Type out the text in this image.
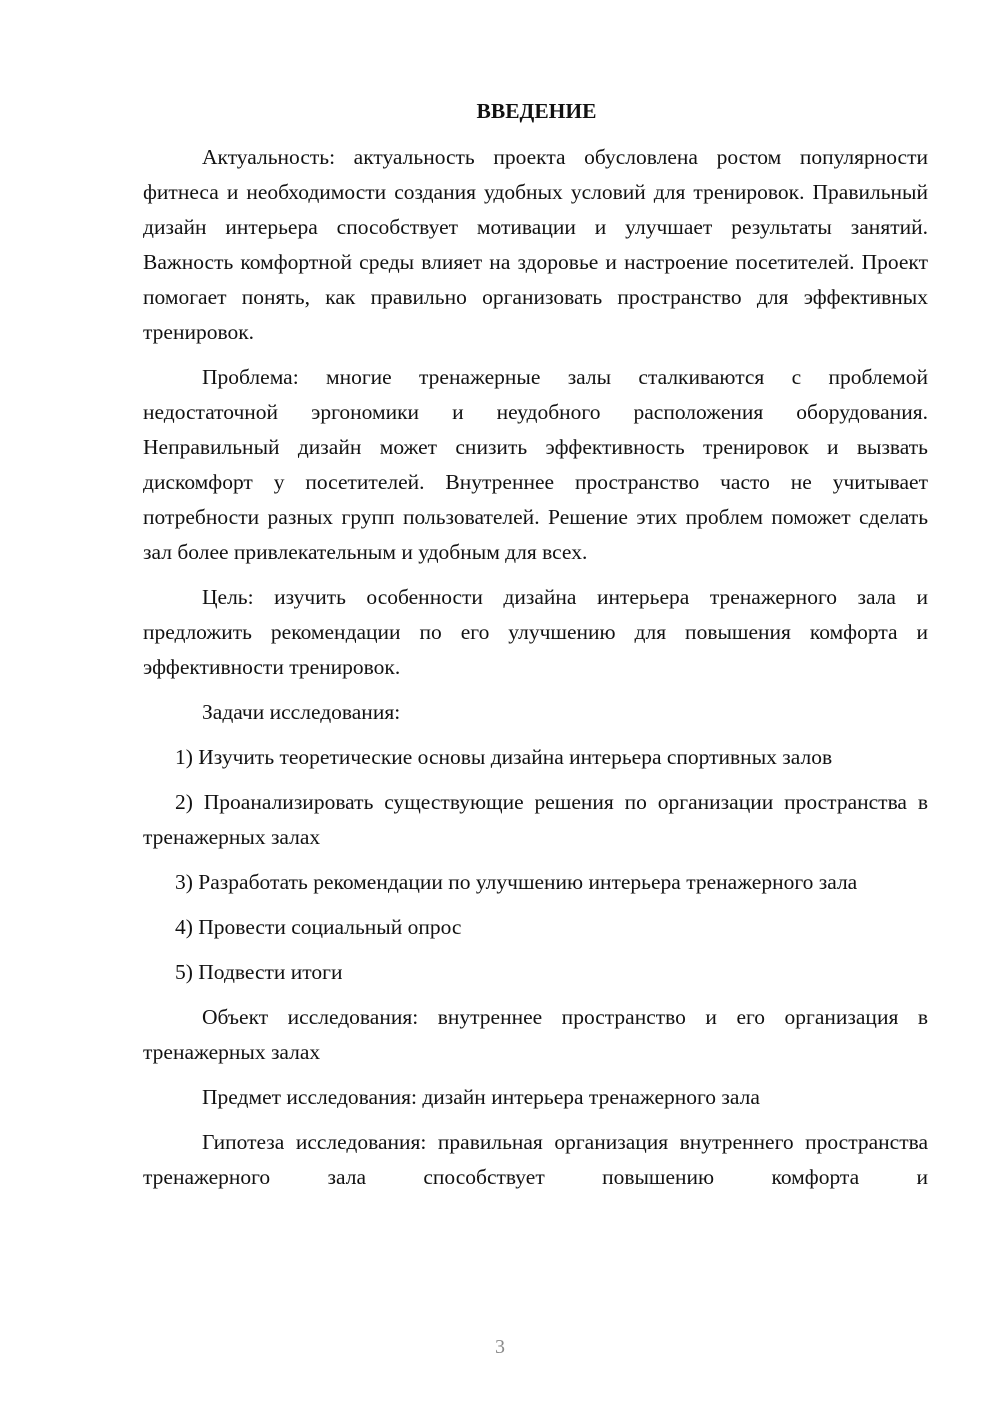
ВВЕДЕНИЕ

Актуальность: актуальность проекта обусловлена ростом популярности фитнеса и необходимости создания удобных условий для тренировок. Правильный дизайн интерьера способствует мотивации и улучшает результаты занятий. Важность комфортной среды влияет на здоровье и настроение посетителей. Проект помогает понять, как правильно организовать пространство для эффективных тренировок.

Проблема: многие тренажерные залы сталкиваются с проблемой недостаточной эргономики и неудобного расположения оборудования. Неправильный дизайн может снизить эффективность тренировок и вызвать дискомфорт у посетителей. Внутреннее пространство часто не учитывает потребности разных групп пользователей. Решение этих проблем поможет сделать зал более привлекательным и удобным для всех.

Цель: изучить особенности дизайна интерьера тренажерного зала и предложить рекомендации по его улучшению для повышения комфорта и эффективности тренировок.

Задачи исследования:

1) Изучить теоретические основы дизайна интерьера спортивных залов

2) Проанализировать существующие решения по организации пространства в тренажерных залах

3) Разработать рекомендации по улучшению интерьера тренажерного зала

4) Провести социальный опрос

5) Подвести итоги

Объект исследования: внутреннее пространство и его организация в тренажерных залах

Предмет исследования: дизайн интерьера тренажерного зала

Гипотеза исследования: правильная организация внутреннего пространства тренажерного зала способствует повышению комфорта и

3
